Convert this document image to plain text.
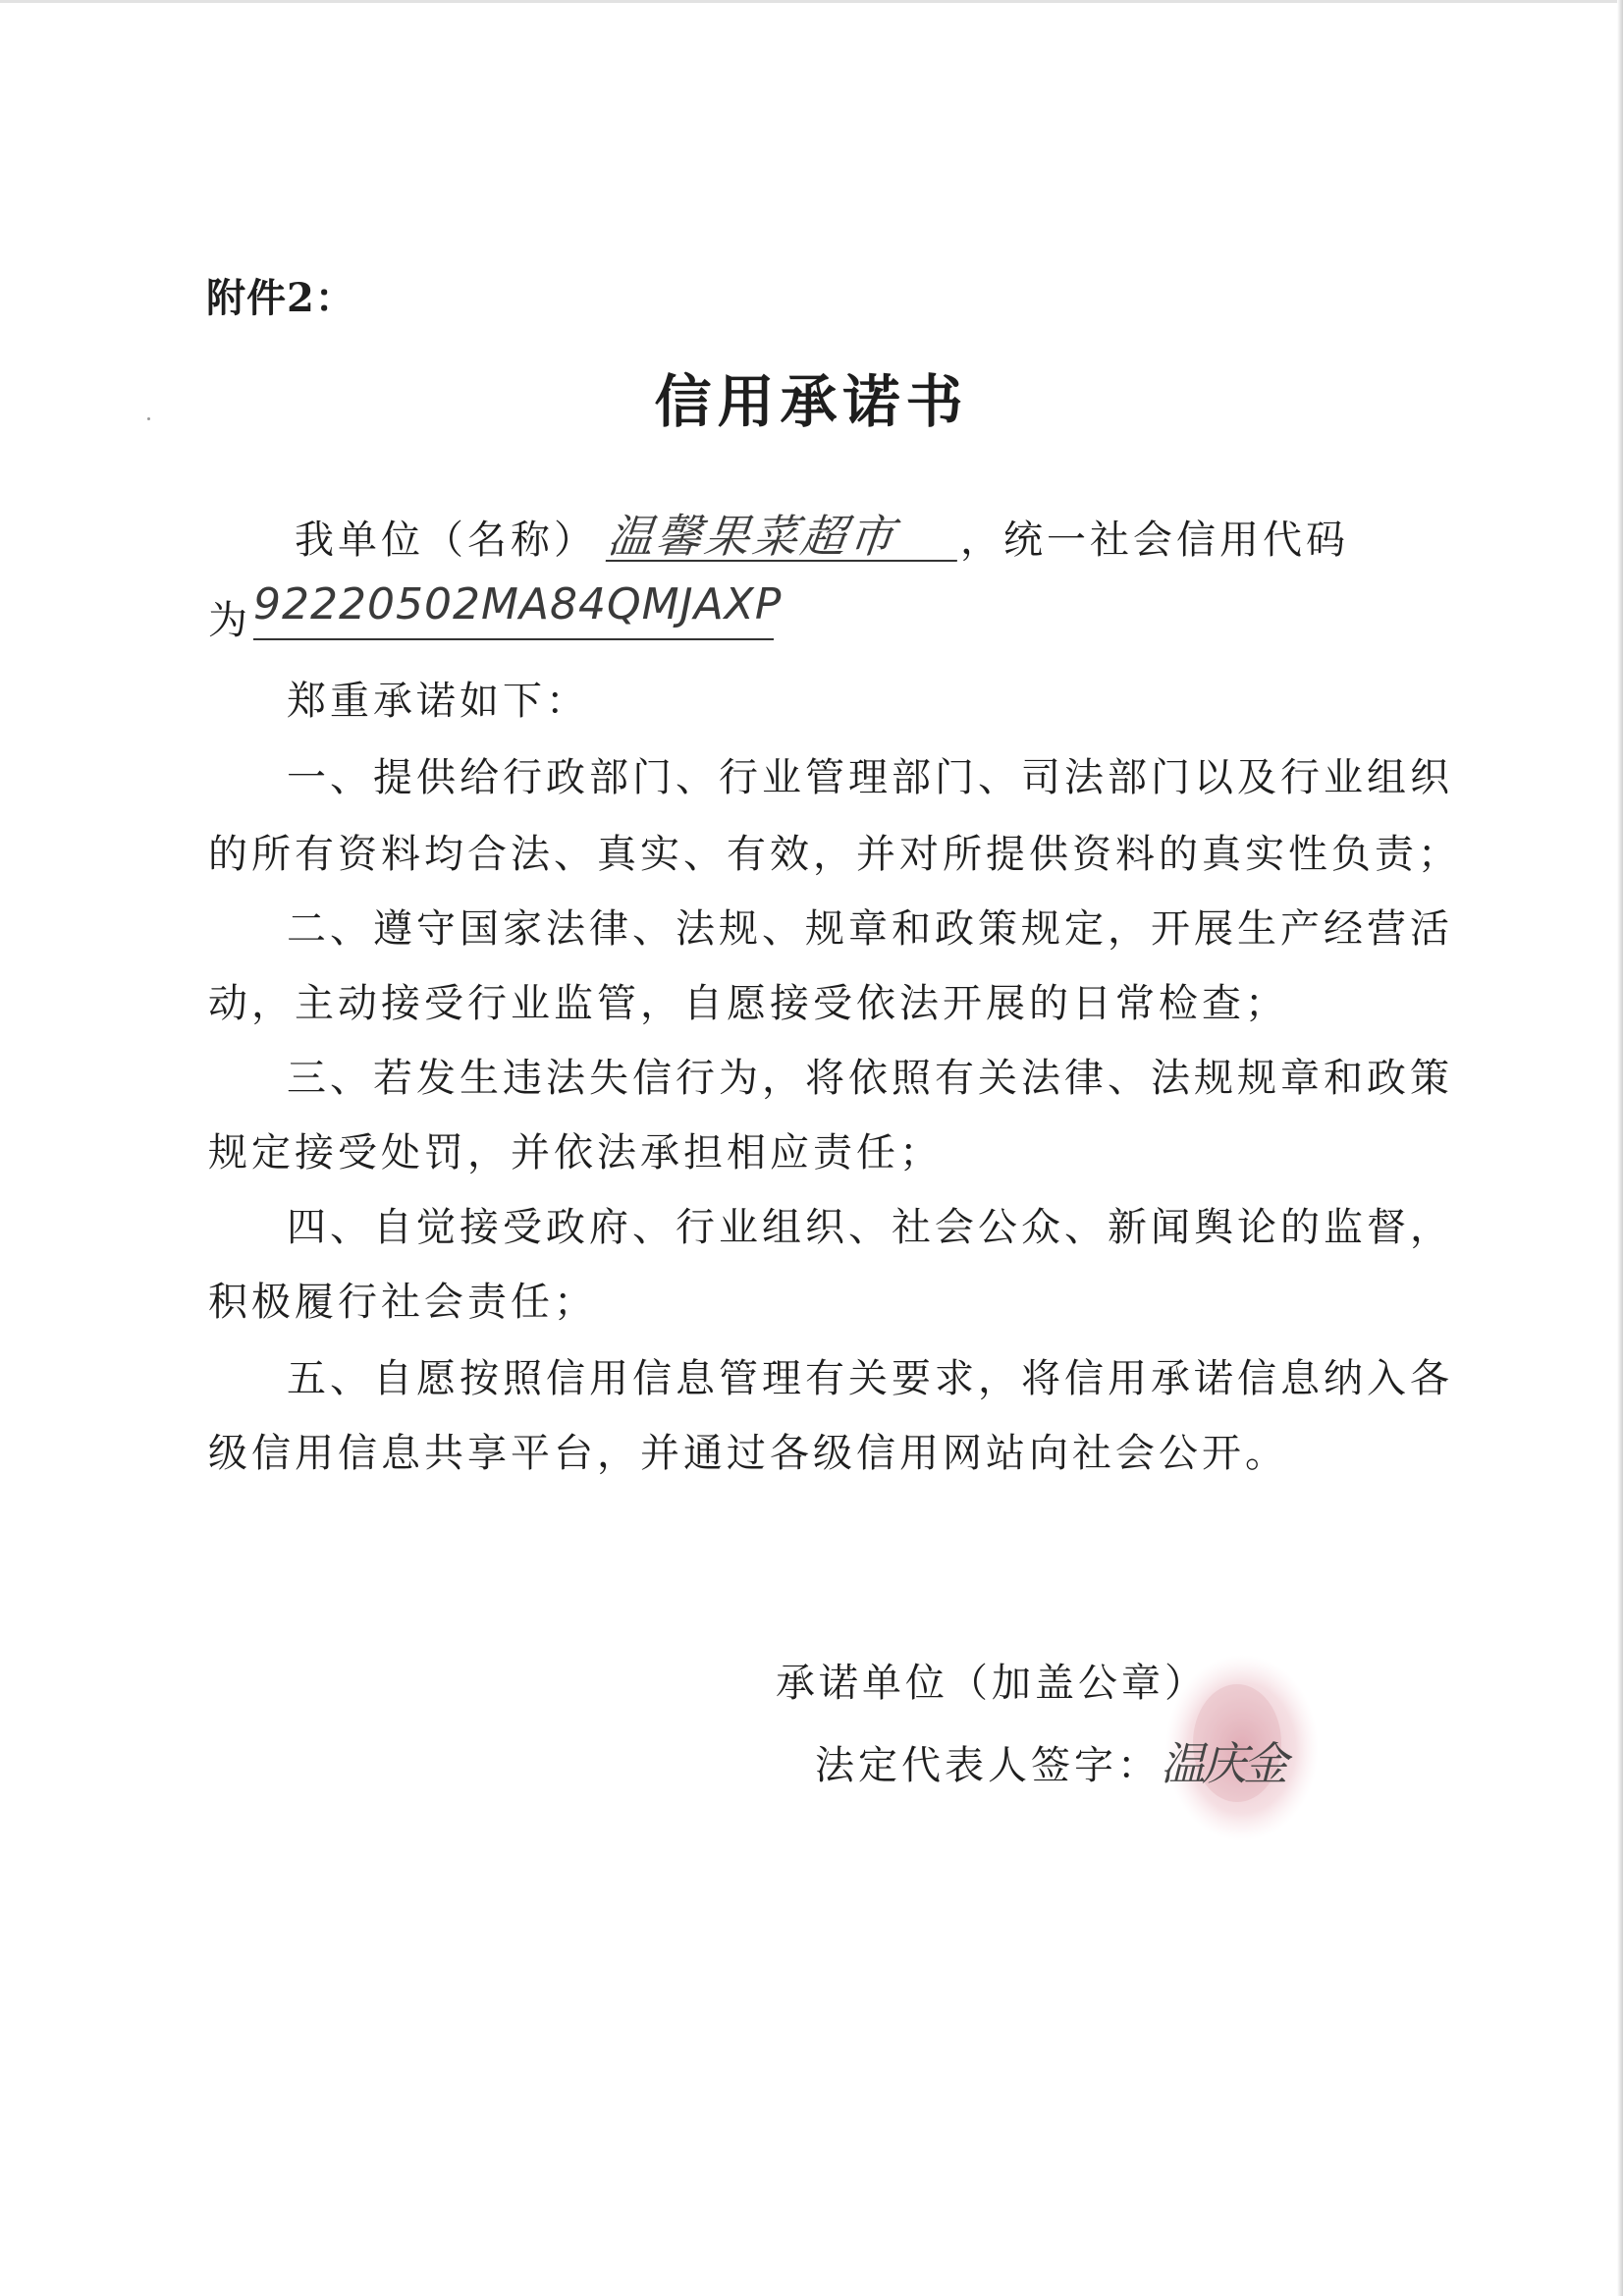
附件2：
信用承诺书
我单位（名称） 温馨果菜超市	，统一社会信用代码
为 92220502MA84QMJAXP
郑重承诺如下：
一、提供给行政部门、行业管理部门、司法部门以及行业组织
的所有资料均合法、真实、有效，并对所提供资料的真实性负责；
二、遵守国家法律、法规、规章和政策规定，开展生产经营活
动，主动接受行业监管，自愿接受依法开展的日常检查；
三、若发生违法失信行为，将依照有关法律、法规规章和政策
规定接受处罚，并依法承担相应责任；
四、自觉接受政府、行业组织、社会公众、新闻舆论的监督，
积极履行社会责任；
五、自愿按照信用信息管理有关要求，将信用承诺信息纳入各
级信用信息共享平台，并通过各级信用网站向社会公开。
承诺单位（加盖公章）
法定代表人签字： 温庆金
